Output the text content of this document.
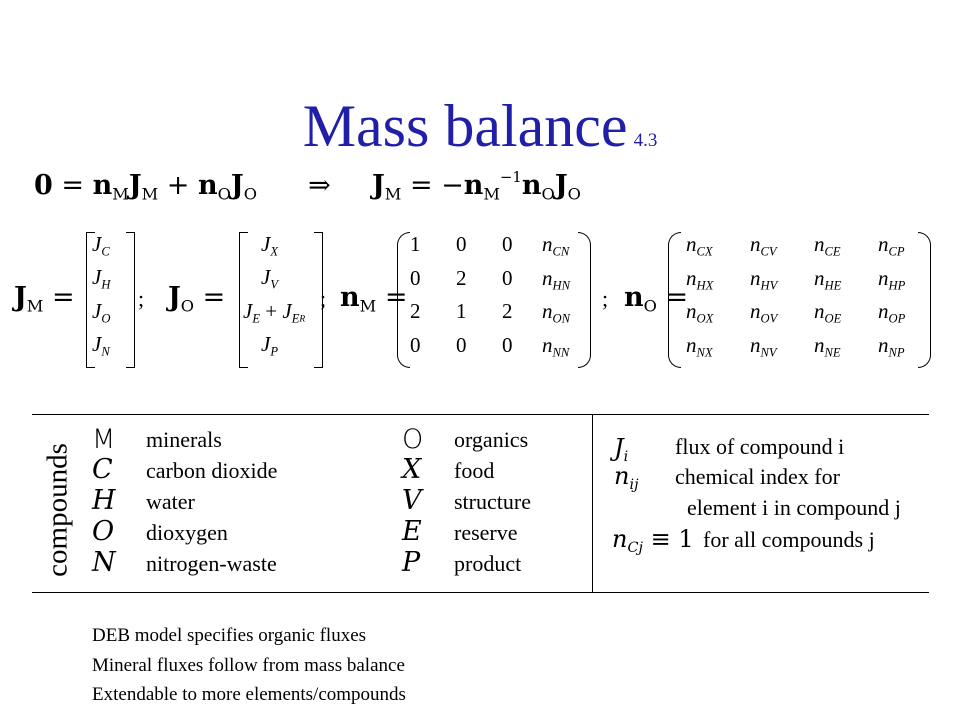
Mass balance 4.3
$0 = n_MJ_M + n_OJ_O$ ⇒ $J_M = -n_M^{-1}n_OJ_O$
$J_M$ =
$J_C$
$J_H$
$J_O$
$J_N$
; $J_O$ =
$J_X$
$J_V$
$J_E + J_{ER}$
$J_P$
; $n_M$ =
1 0 0 $n_{CN}$
0 2 0 $n_{HN}$
2 1 2 $n_{ON}$
0 0 0 $n_{NN}$
; $n_O$ =
$n_{CX}$ $n_{CV}$ $n_{CE}$ $n_{CP}$
$n_{HX}$ $n_{HV}$ $n_{HE}$ $n_{HP}$
$n_{OX}$ $n_{OV}$ $n_{OE}$ $n_{OP}$
$n_{NX}$ $n_{NV}$ $n_{NE}$ $n_{NP}$
compounds
M minerals
C carbon dioxide
H water
O dioxygen
N nitrogen-waste
O organics
X food
V structure
E reserve
P product
$J_i$ flux of compound i
$n_{ij}$ chemical index for
element i in compound j
$n_{Cj} \equiv 1$ for all compounds j
DEB model specifies organic fluxes
Mineral fluxes follow from mass balance
Extendable to more elements/compounds
